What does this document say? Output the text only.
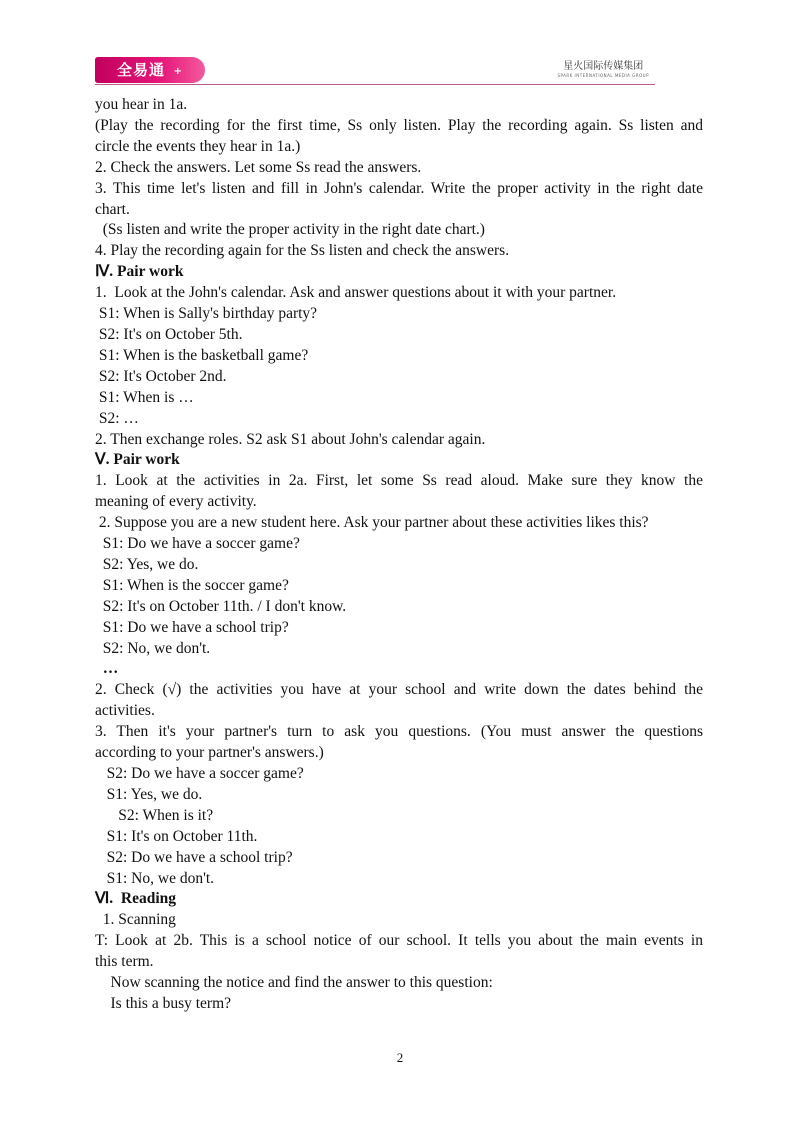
全易通 +	星火国际传媒集团
SPARK INTERNATIONAL MEDIA GROUP
you hear in 1a.
(Play the recording for the first time, Ss only listen. Play the recording again. Ss listen and
circle the events they hear in 1a.)
2. Check the answers. Let some Ss read the answers.
3. This time let's listen and fill in John's calendar. Write the proper activity in the right date
chart.
(Ss listen and write the proper activity in the right date chart.)
4. Play the recording again for the Ss listen and check the answers.
Ⅳ. Pair work
1.  Look at the John's calendar. Ask and answer questions about it with your partner.
S1: When is Sally's birthday party?
S2: It's on October 5th.
S1: When is the basketball game?
S2: It's October 2nd.
S1: When is …
S2: …
2. Then exchange roles. S2 ask S1 about John's calendar again.
Ⅴ. Pair work
1. Look at the activities in 2a. First, let some Ss read aloud. Make sure they know the
meaning of every activity.
2. Suppose you are a new student here. Ask your partner about these activities likes this?
S1: Do we have a soccer game?
S2: Yes, we do.
S1: When is the soccer game?
S2: It's on October 11th. / I don't know.
S1: Do we have a school trip?
S2: No, we don't.
…
2. Check (√) the activities you have at your school and write down the dates behind the
activities.
3. Then it's your partner's turn to ask you questions. (You must answer the questions
according to your partner's answers.)
S2: Do we have a soccer game?
S1: Yes, we do.
S2: When is it?
S1: It's on October 11th.
S2: Do we have a school trip?
S1: No, we don't.
Ⅵ.  Reading
1. Scanning
T: Look at 2b. This is a school notice of our school. It tells you about the main events in
this term.
Now scanning the notice and find the answer to this question:
Is this a busy term?
2
